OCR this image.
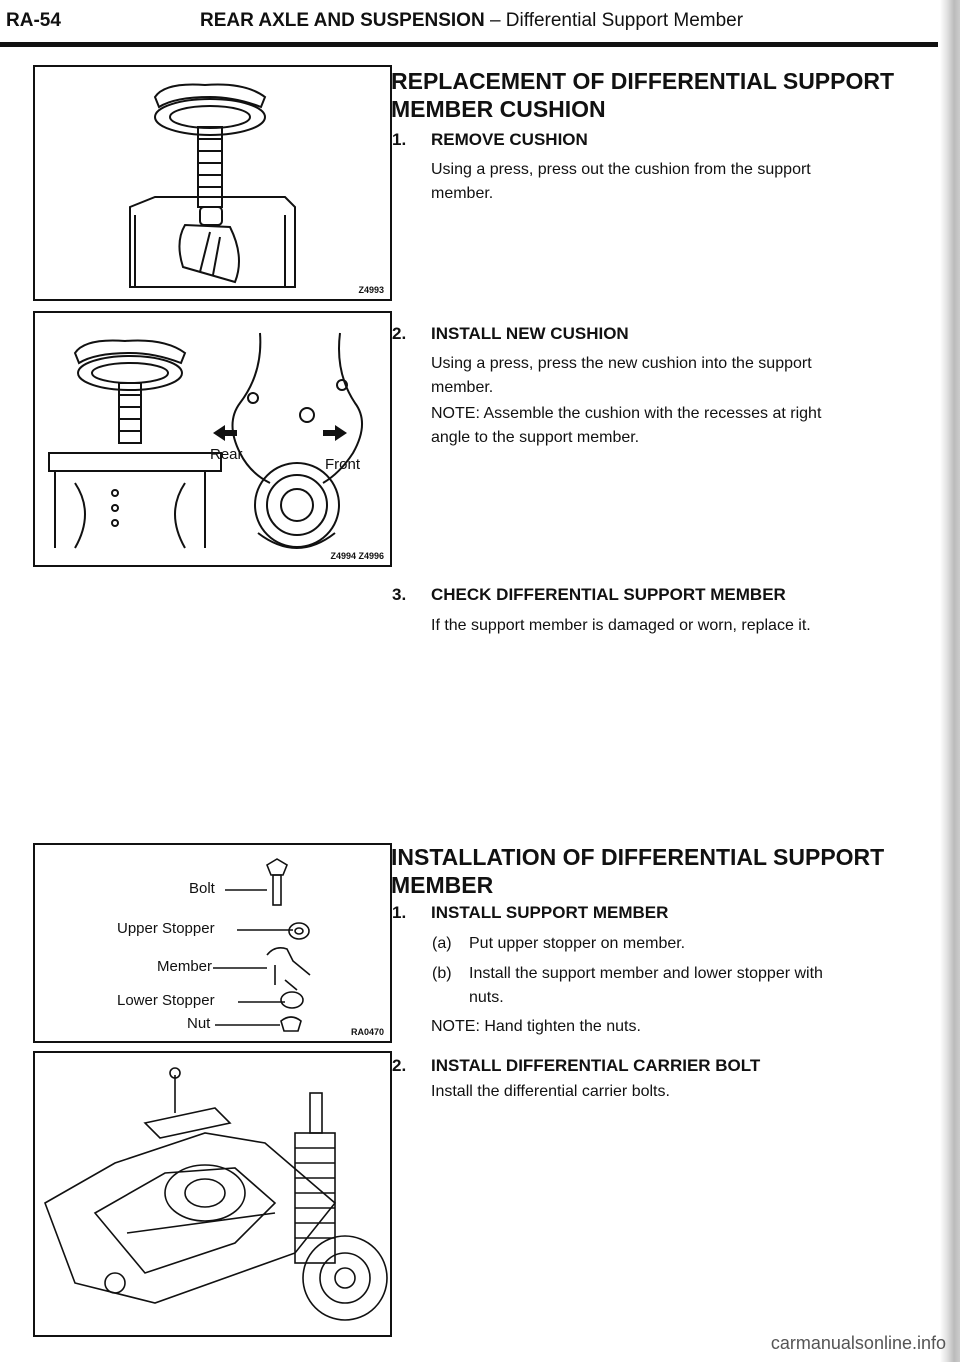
RA-54	REAR AXLE AND SUSPENSION – Differential Support Member
Z4993
Rear
Front
Z4994 Z4996
Bolt
Upper Stopper
Member
Lower Stopper
Nut	RA0470
REPLACEMENT OF DIFFERENTIAL SUPPORT
MEMBER CUSHION
1. REMOVE CUSHION
Using a press, press out the cushion from the support
member.
2. INSTALL NEW CUSHION
Using a press, press the new cushion into the support
member.
NOTE: Assemble the cushion with the recesses at right
angle to the support member.
3. CHECK DIFFERENTIAL SUPPORT MEMBER
If the support member is damaged or worn, replace it.
INSTALLATION OF DIFFERENTIAL SUPPORT
MEMBER
1. INSTALL SUPPORT MEMBER
(a) Put upper stopper on member.
(b) Install the support member and lower stopper with
nuts.
NOTE: Hand tighten the nuts.
2. INSTALL DIFFERENTIAL CARRIER BOLT
Install the differential carrier bolts.
carmanualsonline.info
